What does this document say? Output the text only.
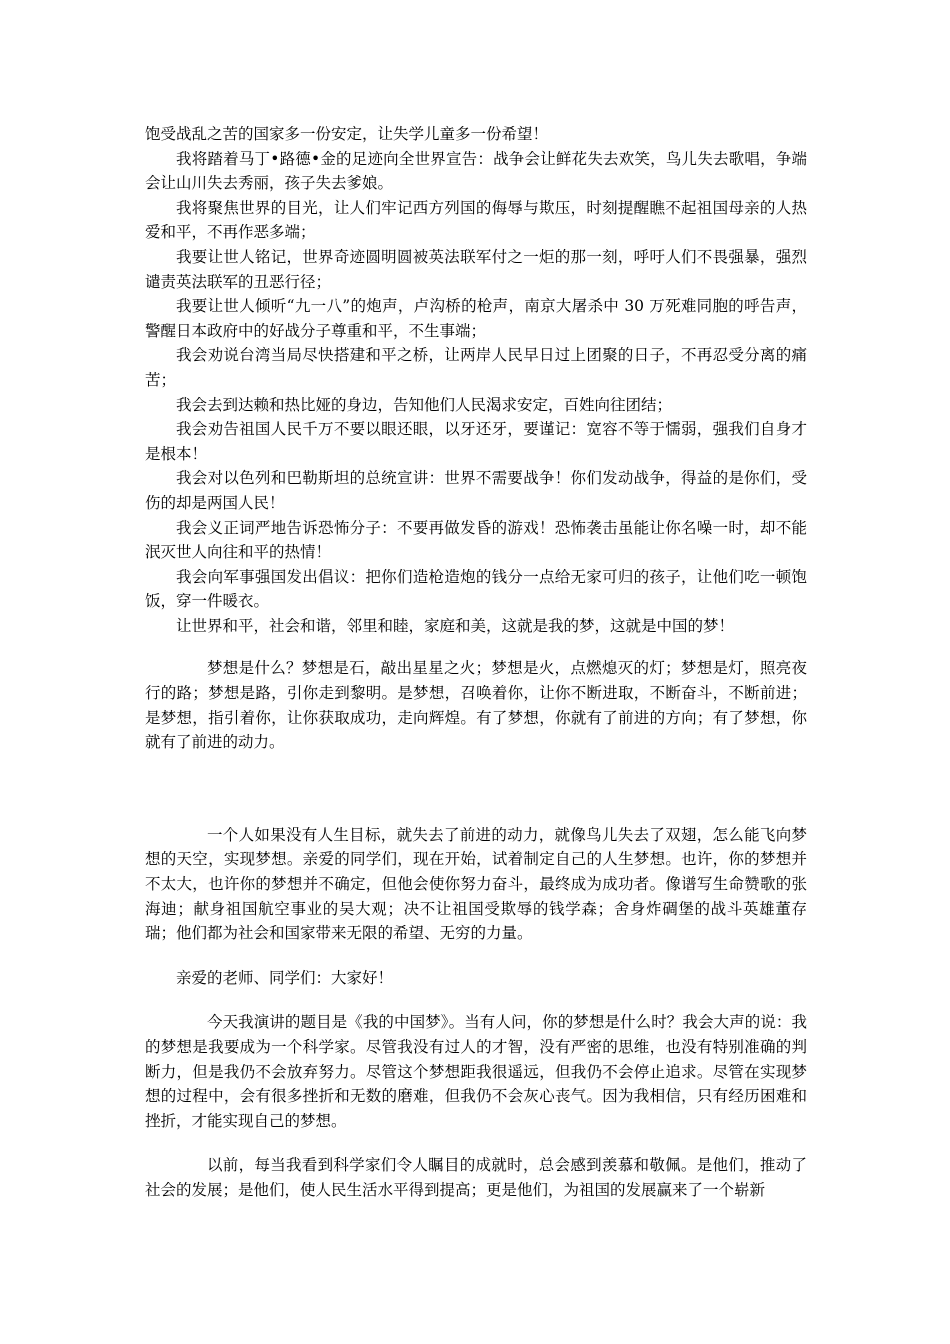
饱受战乱之苦的国家多一份安定，让失学儿童多一份希望！

我将踏着马丁•路德•金的足迹向全世界宣告：战争会让鲜花失去欢笑，鸟儿失去歌唱，争端会让山川失去秀丽，孩子失去爹娘。

我将聚焦世界的目光，让人们牢记西方列国的侮辱与欺压，时刻提醒瞧不起祖国母亲的人热爱和平，不再作恶多端；

我要让世人铭记，世界奇迹圆明圆被英法联军付之一炬的那一刻，呼吁人们不畏强暴，强烈谴责英法联军的丑恶行径；

我要让世人倾听“九一八”的炮声，卢沟桥的枪声，南京大屠杀中 30 万死难同胞的呼告声，警醒日本政府中的好战分子尊重和平，不生事端；

我会劝说台湾当局尽快搭建和平之桥，让两岸人民早日过上团聚的日子，不再忍受分离的痛苦；

我会去到达赖和热比娅的身边，告知他们人民渴求安定，百姓向往团结；

我会劝告祖国人民千万不要以眼还眼，以牙还牙，要谨记：宽容不等于懦弱，强我们自身才是根本！

我会对以色列和巴勒斯坦的总统宣讲：世界不需要战争！你们发动战争，得益的是你们，受伤的却是两国人民！

我会义正词严地告诉恐怖分子：不要再做发昏的游戏！恐怖袭击虽能让你名噪一时，却不能泯灭世人向往和平的热情！

我会向军事强国发出倡议：把你们造枪造炮的钱分一点给无家可归的孩子，让他们吃一顿饱饭，穿一件暖衣。

让世界和平，社会和谐，邻里和睦，家庭和美，这就是我的梦，这就是中国的梦！

梦想是什么？梦想是石，敲出星星之火；梦想是火，点燃熄灭的灯；梦想是灯，照亮夜行的路；梦想是路，引你走到黎明。是梦想，召唤着你，让你不断进取，不断奋斗，不断前进；是梦想，指引着你，让你获取成功，走向辉煌。有了梦想，你就有了前进的方向；有了梦想，你就有了前进的动力。

一个人如果没有人生目标，就失去了前进的动力，就像鸟儿失去了双翅，怎么能飞向梦想的天空，实现梦想。亲爱的同学们，现在开始，试着制定自己的人生梦想。也许，你的梦想并不太大，也许你的梦想并不确定，但他会使你努力奋斗，最终成为成功者。像谱写生命赞歌的张海迪；献身祖国航空事业的吴大观；决不让祖国受欺辱的钱学森；舍身炸碉堡的战斗英雄董存瑞；他们都为社会和国家带来无限的希望、无穷的力量。

亲爱的老师、同学们：大家好！

今天我演讲的题目是《我的中国梦》。当有人问，你的梦想是什么时？我会大声的说：我的梦想是我要成为一个科学家。尽管我没有过人的才智，没有严密的思维，也没有特别准确的判断力，但是我仍不会放弃努力。尽管这个梦想距我很遥远，但我仍不会停止追求。尽管在实现梦想的过程中，会有很多挫折和无数的磨难，但我仍不会灰心丧气。因为我相信，只有经历困难和挫折，才能实现自己的梦想。

以前，每当我看到科学家们令人瞩目的成就时，总会感到羡慕和敬佩。是他们，推动了社会的发展；是他们，使人民生活水平得到提高；更是他们，为祖国的发展赢来了一个崭新
